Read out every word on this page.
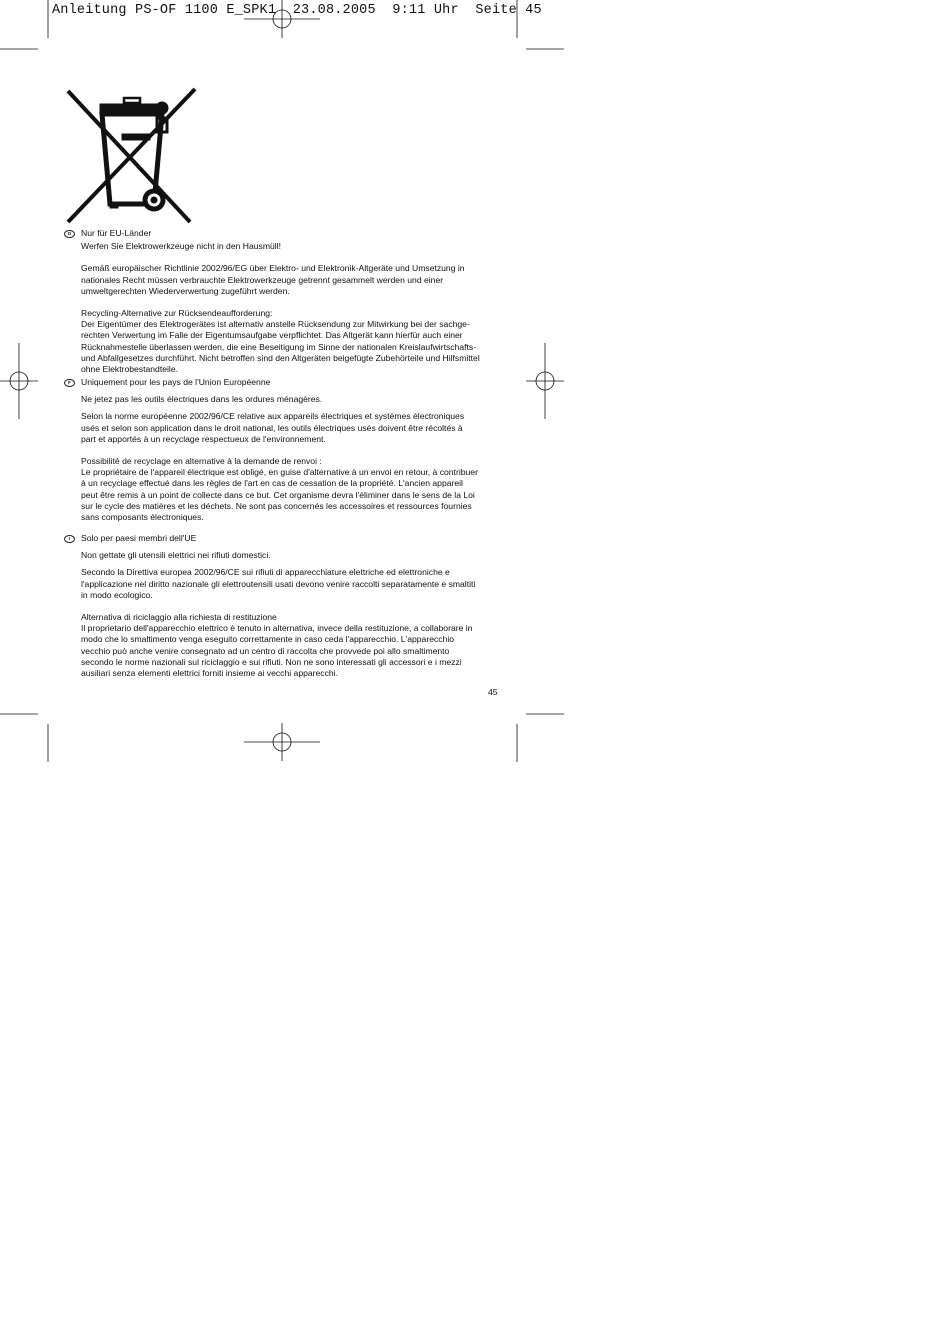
Anleitung PS-OF 1100 E_SPK1  23.08.2005  9:11 Uhr  Seite 45
D	Nur für EU-Länder

Werfen Sie Elektrowerkzeuge nicht in den Hausmüll!

Gemäß europäischer Richtlinie 2002/96/EG über Elektro- und Elektronik-Altgeräte und Umsetzung in

nationales Recht müssen verbrauchte Elektrowerkzeuge getrennt gesammelt werden und einer

umweltgerechten Wiederverwertung zugeführt werden.

Recycling-Alternative zur Rücksendeaufforderung:

Der Eigentümer des Elektrogerätes ist alternativ anstelle Rücksendung zur Mitwirkung bei der sachge-

rechten Verwertung im Falle der Eigentumsaufgabe verpflichtet. Das Altgerät kann hierfür auch einer

Rücknahmestelle überlassen werden, die eine Beseitigung im Sinne der nationalen Kreislaufwirtschafts-

und Abfallgesetzes durchführt. Nicht betroffen sind den Altgeräten beigefügte Zubehörteile und Hilfsmittel

ohne Elektrobestandteile.

F	Uniquement pour les pays de l'Union Européenne

Ne jetez pas les outils électriques dans les ordures ménagères.

Selon la norme européenne 2002/96/CE relative aux appareils électriques et systèmes électroniques

usés et selon son application dans le droit national, les outils électriques usés doivent être récoltés à

part et apportés à un recyclage respectueux de l'environnement.

Possibilité de recyclage en alternative à la demande de renvoi :

Le propriétaire de l'appareil électrique est obligé, en guise d'alternative à un envoi en retour, à contribuer

à un recyclage effectué dans les règles de l'art en cas de cessation de la propriété. L'ancien appareil

peut être remis à un point de collecte dans ce but. Cet organisme devra l'éliminer dans le sens de la Loi

sur le cycle des matières et les déchets. Ne sont pas concernés les accessoires et ressources fournies

sans composants électroniques.

I	Solo per paesi membri dell'UE

Non gettate gli utensili elettrici nei rifiuti domestici.

Secondo la Direttiva europea 2002/96/CE sui rifiuti di apparecchiature elettriche ed elettroniche e

l'applicazione nel diritto nazionale gli elettroutensili usati devono venire raccolti separatamente e smaltiti

in modo ecologico.

Alternativa di riciclaggio alla richiesta di restituzione

Il proprietario dell'apparecchio elettrico è tenuto in alternativa, invece della restituzione, a collaborare in

modo che lo smaltimento venga eseguito correttamente in caso ceda l'apparecchio. L'apparecchio

vecchio può anche venire consegnato ad un centro di raccolta che provvede poi allo smaltimento

secondo le norme nazionali sul riciclaggio e sui rifiuti. Non ne sono interessati gli accessori e i mezzi

ausiliari senza elementi elettrici forniti insieme ai vecchi apparecchi.

45
